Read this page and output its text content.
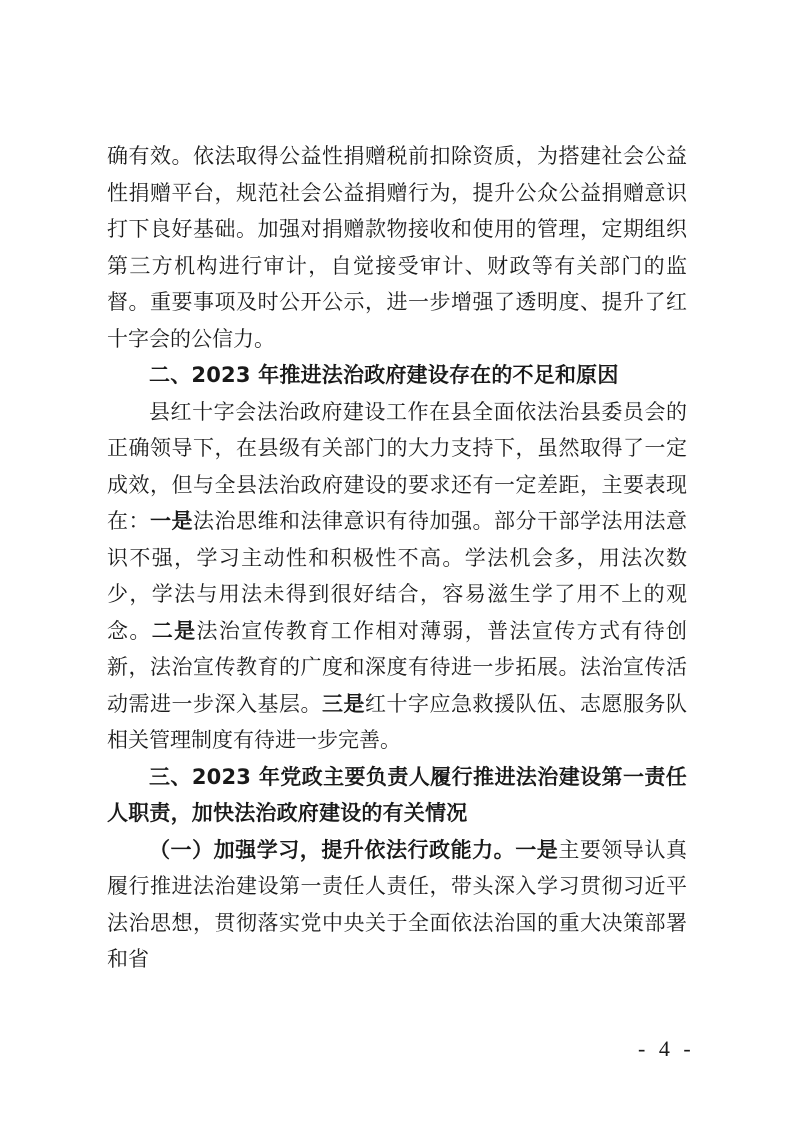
确有效。依法取得公益性捐赠税前扣除资质，为搭建社会公益性捐赠平台，规范社会公益捐赠行为，提升公众公益捐赠意识打下良好基础。加强对捐赠款物接收和使用的管理，定期组织第三方机构进行审计，自觉接受审计、财政等有关部门的监督。重要事项及时公开公示，进一步增强了透明度、提升了红十字会的公信力。

二、2023 年推进法治政府建设存在的不足和原因

县红十字会法治政府建设工作在县全面依法治县委员会的正确领导下，在县级有关部门的大力支持下，虽然取得了一定成效，但与全县法治政府建设的要求还有一定差距，主要表现在：一是法治思维和法律意识有待加强。部分干部学法用法意识不强，学习主动性和积极性不高。学法机会多，用法次数少，学法与用法未得到很好结合，容易滋生学了用不上的观念。二是法治宣传教育工作相对薄弱，普法宣传方式有待创新，法治宣传教育的广度和深度有待进一步拓展。法治宣传活动需进一步深入基层。三是红十字应急救援队伍、志愿服务队相关管理制度有待进一步完善。

三、2023 年党政主要负责人履行推进法治建设第一责任人职责，加快法治政府建设的有关情况

（一）加强学习，提升依法行政能力。一是主要领导认真履行推进法治建设第一责任人责任，带头深入学习贯彻习近平法治思想，贯彻落实党中央关于全面依法治国的重大决策部署和省

- 4 -
